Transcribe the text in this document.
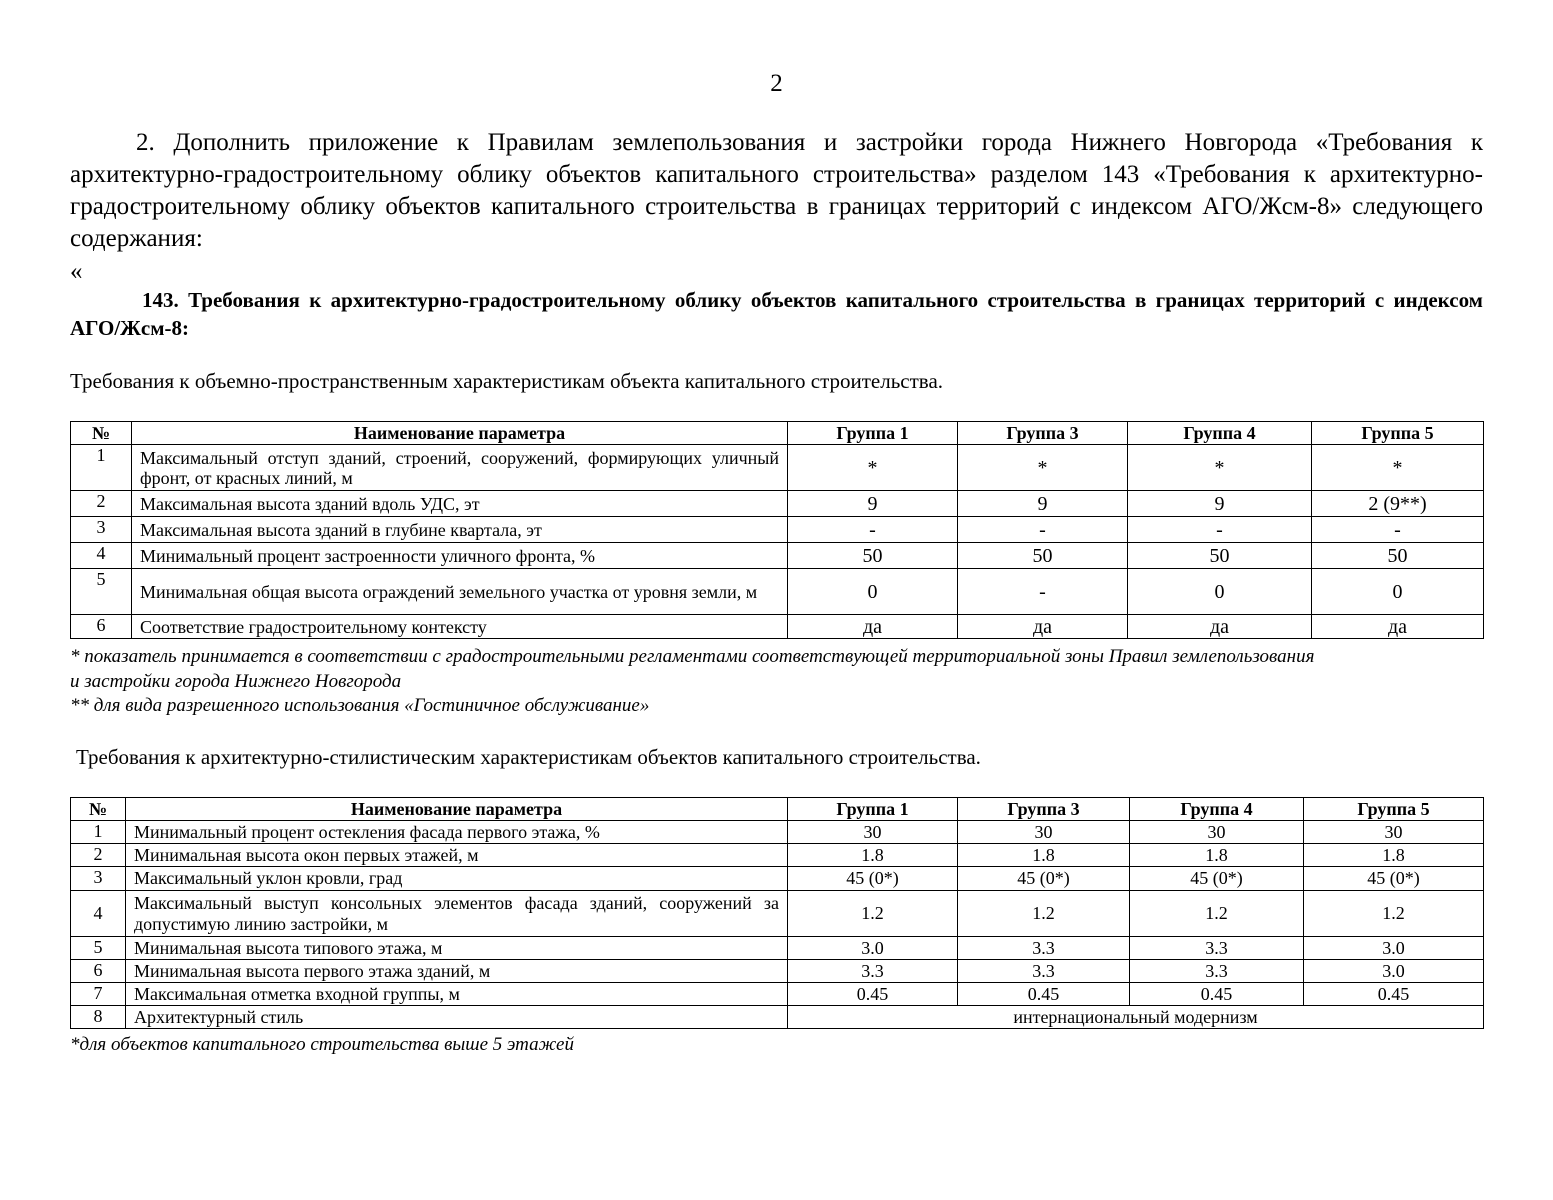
2

2. Дополнить приложение к Правилам землепользования и застройки города Нижнего Новгорода «Требования к архитектурно-градостроительному облику объектов капитального строительства» разделом 143 «Требования к архитектурно-градостроительному облику объектов капитального строительства в границах территорий с индексом АГО/Жсм-8» следующего содержания:

«

143. Требования к архитектурно-градостроительному облику объектов капитального строительства в границах территорий с индексом АГО/Жсм-8:

Требования к объемно-пространственным характеристикам объекта капитального строительства.

№	Наименование параметра	Группа 1	Группа 3	Группа 4	Группа 5
1	Максимальный отступ зданий, строений, сооружений, формирующих уличный фронт, от красных линий, м	*	*	*	*
2	Максимальная высота зданий вдоль УДС, эт	9	9	9	2 (9**)
3	Максимальная высота зданий в глубине квартала, эт	-	-	-	-
4	Минимальный процент застроенности уличного фронта, %	50	50	50	50
5	Минимальная общая высота ограждений земельного участка от уровня земли, м	0	-	0	0
6	Соответствие градостроительному контексту	да	да	да	да

* показатель принимается в соответствии с градостроительными регламентами соответствующей территориальной зоны Правил землепользования

и застройки города Нижнего Новгорода

** для вида разрешенного использования «Гостиничное обслуживание»

Требования к архитектурно-стилистическим характеристикам объектов капитального строительства.

№	Наименование параметра	Группа 1	Группа 3	Группа 4	Группа 5
1	Минимальный процент остекления фасада первого этажа, %	30	30	30	30
2	Минимальная высота окон первых этажей, м	1.8	1.8	1.8	1.8
3	Максимальный уклон кровли, град	45 (0*)	45 (0*)	45 (0*)	45 (0*)
4	Максимальный выступ консольных элементов фасада зданий, сооружений за допустимую линию застройки, м	1.2	1.2	1.2	1.2
5	Минимальная высота типового этажа, м	3.0	3.3	3.3	3.0
6	Минимальная высота первого этажа зданий, м	3.3	3.3	3.3	3.0
7	Максимальная отметка входной группы, м	0.45	0.45	0.45	0.45
8	Архитектурный стиль	интернациональный модернизм			

*для объектов капитального строительства выше 5 этажей
